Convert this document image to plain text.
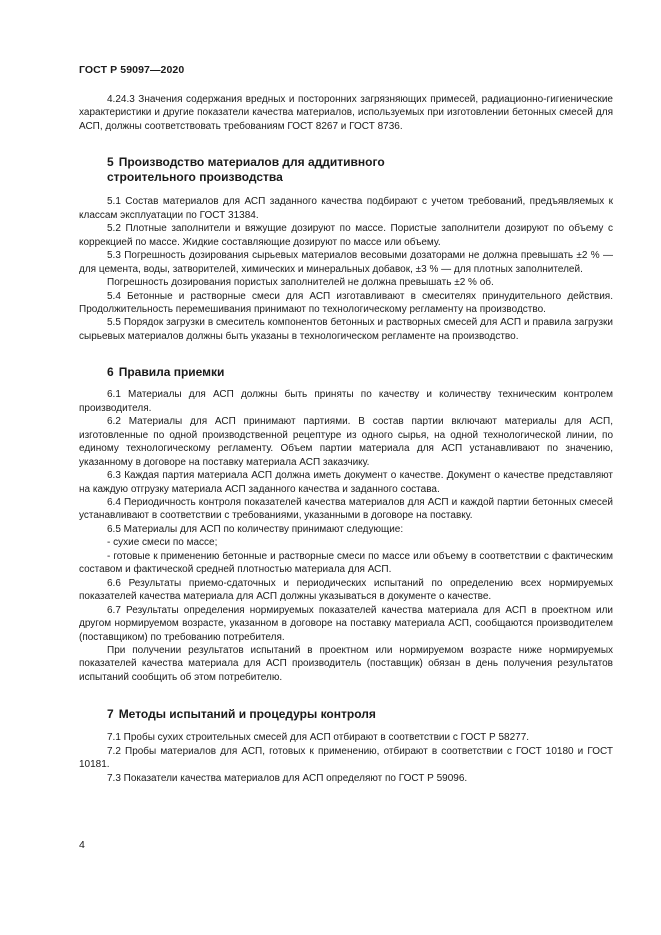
ГОСТ Р 59097—2020

4.24.3 Значения содержания вредных и посторонних загрязняющих примесей, радиационно-гигиенические характеристики и другие показатели качества материалов, используемых при изготовлении бетонных смесей для АСП, должны соответствовать требованиям ГОСТ 8267 и ГОСТ 8736.

5 Производство материалов для аддитивного
строительного производства

5.1 Состав материалов для АСП заданного качества подбирают с учетом требований, предъявляемых к классам эксплуатации по ГОСТ 31384.

5.2 Плотные заполнители и вяжущие дозируют по массе. Пористые заполнители дозируют по объему с коррекцией по массе. Жидкие составляющие дозируют по массе или объему.

5.3 Погрешность дозирования сырьевых материалов весовыми дозаторами не должна превышать ±2 % — для цемента, воды, затворителей, химических и минеральных добавок, ±3 % — для плотных заполнителей.

Погрешность дозирования пористых заполнителей не должна превышать ±2 % об.

5.4 Бетонные и растворные смеси для АСП изготавливают в смесителях принудительного действия. Продолжительность перемешивания принимают по технологическому регламенту на производство.

5.5 Порядок загрузки в смеситель компонентов бетонных и растворных смесей для АСП и правила загрузки сырьевых материалов должны быть указаны в технологическом регламенте на производство.

6 Правила приемки

6.1 Материалы для АСП должны быть приняты по качеству и количеству техническим контролем производителя.

6.2 Материалы для АСП принимают партиями. В состав партии включают материалы для АСП, изготовленные по одной производственной рецептуре из одного сырья, на одной технологической линии, по единому технологическому регламенту. Объем партии материала для АСП устанавливают по значению, указанному в договоре на поставку материала АСП заказчику.

6.3 Каждая партия материала АСП должна иметь документ о качестве. Документ о качестве представляют на каждую отгрузку материала АСП заданного качества и заданного состава.

6.4 Периодичность контроля показателей качества материалов для АСП и каждой партии бетонных смесей устанавливают в соответствии с требованиями, указанными в договоре на поставку.

6.5 Материалы для АСП по количеству принимают следующие:

- сухие смеси по массе;

- готовые к применению бетонные и растворные смеси по массе или объему в соответствии с фактическим составом и фактической средней плотностью материала для АСП.

6.6 Результаты приемо-сдаточных и периодических испытаний по определению всех нормируемых показателей качества материала для АСП должны указываться в документе о качестве.

6.7 Результаты определения нормируемых показателей качества материала для АСП в проектном или другом нормируемом возрасте, указанном в договоре на поставку материала АСП, сообщаются производителем (поставщиком) по требованию потребителя.

При получении результатов испытаний в проектном или нормируемом возрасте ниже нормируемых показателей качества материала для АСП производитель (поставщик) обязан в день получения результатов испытаний сообщить об этом потребителю.

7 Методы испытаний и процедуры контроля

7.1 Пробы сухих строительных смесей для АСП отбирают в соответствии с ГОСТ Р 58277.

7.2 Пробы материалов для АСП, готовых к применению, отбирают в соответствии с ГОСТ 10180 и ГОСТ 10181.

7.3 Показатели качества материалов для АСП определяют по ГОСТ Р 59096.

4
